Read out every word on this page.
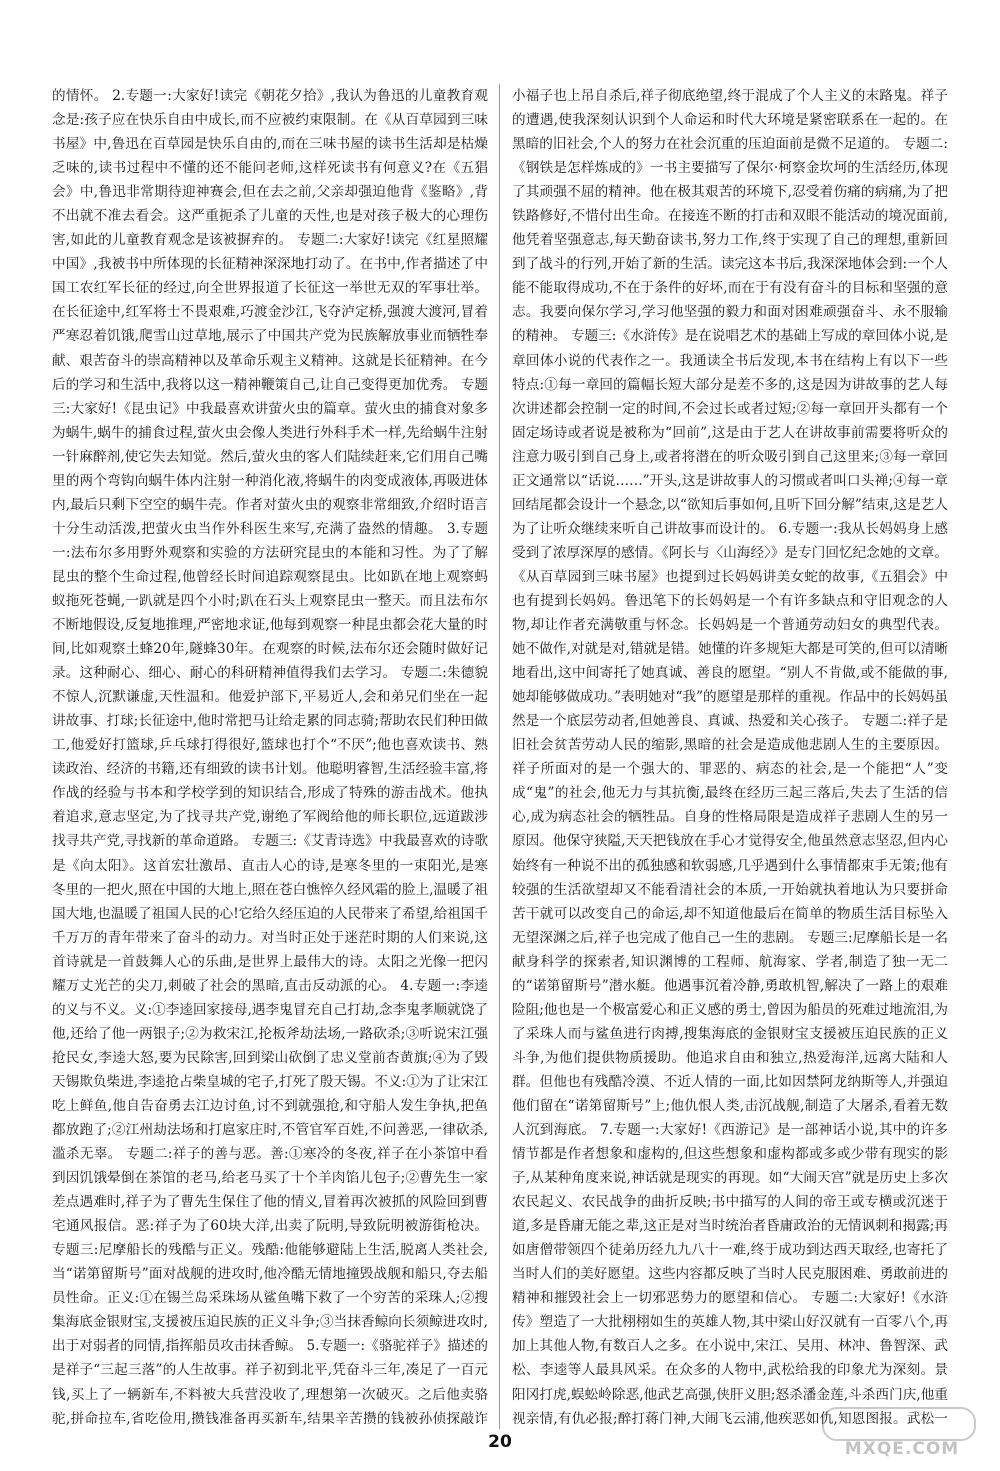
的情怀。 2.专题一:大家好!读完《朝花夕拾》,我认为鲁迅的儿童教育观念是:孩子应在快乐自由中成长,而不应被约束限制。在《从百草园到三味书屋》中,鲁迅在百草园是快乐自由的,而在三味书屋的读书生活却是枯燥乏味的,读书过程中不懂的还不能问老师,这样死读书有何意义?在《五猖会》中,鲁迅非常期待迎神赛会,但在去之前,父亲却强迫他背《鉴略》,背不出就不准去看会。这严重扼杀了儿童的天性,也是对孩子极大的心理伤害,如此的儿童教育观念是该被摒弃的。 专题二:大家好!读完《红星照耀中国》,我被书中所体现的长征精神深深地打动了。在书中,作者描述了中国工农红军长征的经过,向全世界报道了长征这一举世无双的军事壮举。在长征途中,红军将士不畏艰难,巧渡金沙江,飞夺泸定桥,强渡大渡河,冒着严寒忍着饥饿,爬雪山过草地,展示了中国共产党为民族解放事业而牺牲奉献、艰苦奋斗的崇高精神以及革命乐观主义精神。这就是长征精神。在今后的学习和生活中,我将以这一精神鞭策自己,让自己变得更加优秀。 专题三:大家好!《昆虫记》中我最喜欢讲萤火虫的篇章。萤火虫的捕食对象多为蜗牛,蜗牛的捕食过程,萤火虫会像人类进行外科手术一样,先给蜗牛注射一针麻醉剂,使它失去知觉。然后,萤火虫的客人们陆续赶来,它们用自己嘴里的两个弯钩向蜗牛体内注射一种消化液,将蜗牛的肉变成液体,再吸进体内,最后只剩下空空的蜗牛壳。作者对萤火虫的观察非常细致,介绍时语言十分生动活泼,把萤火虫当作外科医生来写,充满了盎然的情趣。 3.专题一:法布尔多用野外观察和实验的方法研究昆虫的本能和习性。为了了解昆虫的整个生命过程,他曾经长时间追踪观察昆虫。比如趴在地上观察蚂蚁拖死苍蝇,一趴就是四个小时;趴在石头上观察昆虫一整天。而且法布尔不断地假设,反复地推理,严密地求证,他每到观察一种昆虫都会花大量的时间,比如观察土蜂20年,隧蜂30年。在观察的时候,法布尔还会随时做好记录。这种耐心、细心、耐心的科研精神值得我们去学习。 专题二:朱德貌不惊人,沉默谦虚,天性温和。他爱护部下,平易近人,会和弟兄们坐在一起讲故事、打球;长征途中,他时常把马让给走累的同志骑;帮助农民们种田做工,他爱好打篮球,乒乓球打得很好,篮球也打个“不厌”;他也喜欢读书、熟读政治、经济的书籍,还有细致的读书计划。他聪明睿智,生活经验丰富,将作战的经验与书本和学校学到的知识结合,形成了特殊的游击战术。他执着追求,意志坚定,为了找寻共产党,谢绝了军阀给他的师长职位,远道跋涉找寻共产党,寻找新的革命道路。 专题三:《艾青诗选》中我最喜欢的诗歌是《向太阳》。这首宏壮激昂、直击人心的诗,是寒冬里的一束阳光,是寒冬里的一把火,照在中国的大地上,照在苍白憔悴久经风霜的脸上,温暖了祖国大地,也温暖了祖国人民的心!它给久经压迫的人民带来了希望,给祖国千千万万的青年带来了奋斗的动力。对当时正处于迷茫时期的人们来说,这首诗就是一首鼓舞人心的乐曲,是世界上最伟大的诗。太阳之光像一把闪耀万丈光芒的尖刀,刺破了社会的黑暗,直击反动派的心。 4.专题一:李逵的义与不义。义:①李逵回家接母,遇李鬼冒充自己打劫,念李鬼孝顺就饶了他,还给了他一两银子;②为救宋江,抡板斧劫法场,一路砍杀;③听说宋江强抢民女,李逵大怒,要为民除害,回到梁山砍倒了忠义堂前杏黄旗;④为了毁天锡欺负柴进,李逵抢占柴皇城的宅子,打死了殷天锡。不义:①为了让宋江吃上鲜鱼,他自告奋勇去江边讨鱼,讨不到就强抢,和守船人发生争执,把鱼都放跑了;②江州劫法场和打扈家庄时,不管官军百姓,不问善恶,一律砍杀,滥杀无辜。 专题二:祥子的善与恶。善:①寒冷的冬夜,祥子在小茶馆中看到因饥饿晕倒在茶馆的老马,给老马买了十个羊肉馅儿包子;②曹先生一家差点遇难时,祥子为了曹先生保住了他的情义,冒着再次被抓的风险回到曹宅通风报信。恶:祥子为了60块大洋,出卖了阮明,导致阮明被游街枪决。 专题三:尼摩船长的残酷与正义。残酷:他能够避陆上生活,脱离人类社会,当“诺第留斯号”面对战舰的进攻时,他冷酷无情地撞毁战舰和船只,夺去船员性命。正义:①在锡兰岛采珠场从鲨鱼嘴下救了一个穷苦的采珠人;②搜集海底金银财宝,支援被压迫民族的正义斗争;③当抹香鲸向长须鲸进攻时,出于对弱者的同情,指挥船员攻击抹香鲸。 5.专题一:《骆驼祥子》描述的是祥子“三起三落”的人生故事。祥子初到北平,凭奋斗三年,凑足了一百元钱,买上了一辆新车,不料被大兵营没收了,理想第一次破灭。之后他卖骆驼,拼命拉车,省吃俭用,攒钱准备再买新车,结果辛苦攒的钱被孙侦探敲诈

小福子也上吊自杀后,祥子彻底绝望,终于混成了个人主义的末路鬼。祥子的遭遇,使我深刻认识到个人命运和时代大环境是紧密联系在一起的。在黑暗的旧社会,个人的努力在社会沉重的压迫面前是微不足道的。 专题二:《钢铁是怎样炼成的》一书主要描写了保尔·柯察金坎坷的生活经历,体现了其顽强不屈的精神。他在极其艰苦的环境下,忍受着伤痛的病痛,为了把铁路修好,不惜付出生命。在接连不断的打击和双眼不能活动的境况面前,他凭着坚强意志,每天勤奋读书,努力工作,终于实现了自己的理想,重新回到了战斗的行列,开始了新的生活。读完这本书后,我深深地体会到:一个人能不能取得成功,不在于条件的好坏,而在于有没有奋斗的目标和坚强的意志。我要向保尔学习,学习他坚强的毅力和面对困难顽强奋斗、永不服输的精神。 专题三:《水浒传》是在说唱艺术的基础上写成的章回体小说,是章回体小说的代表作之一。我通读全书后发现,本书在结构上有以下一些特点:①每一章回的篇幅长短大部分是差不多的,这是因为讲故事的艺人每次讲述都会控制一定的时间,不会过长或者过短;②每一章回开头都有一个固定场诗或者说是被称为“回前”,这是由于艺人在讲故事前需要将听众的注意力吸引到自己身上,或者将潜在的听众吸引到自己这里来;③每一章回正文通常以“话说……”开头,这是讲故事人的习惯或者叫口头禅;④每一章回结尾都会设计一个悬念,以“欲知后事如何,且听下回分解”结束,这是艺人为了让听众继续来听自己讲故事而设计的。 6.专题一:我从长妈妈身上感受到了浓厚深厚的感情。《阿长与〈山海经〉》是专门回忆纪念她的文章。《从百草园到三味书屋》也提到过长妈妈讲美女蛇的故事,《五猖会》中也有提到长妈妈。鲁迅笔下的长妈妈是一个有许多缺点和守旧观念的人物,却让作者充满敬重与怀念。长妈妈是一个普通劳动妇女的典型代表。她不做作,对就是对,错就是错。她懂的许多规矩大都是可笑的,但可以清晰地看出,这中间寄托了她真诚、善良的愿望。“别人不肯做,或不能做的事,她却能够做成功。”表明她对“我”的愿望是那样的重视。作品中的长妈妈虽然是一个底层劳动者,但她善良、真诚、热爱和关心孩子。 专题二:祥子是旧社会贫苦劳动人民的缩影,黑暗的社会是造成他悲剧人生的主要原因。祥子所面对的是一个强大的、罪恶的、病态的社会,是一个能把“人”变成“鬼”的社会,他无力与其抗衡,最终在经历三起三落后,失去了生活的信心,成为病态社会的牺牲品。自身的性格局限是造成祥子悲剧人生的另一原因。他保守狭隘,天天把钱放在手心才觉得安全,他虽然意志坚忍,但内心始终有一种说不出的孤独感和软弱感,几乎遇到什么事情都束手无策;他有较强的生活欲望却又不能看清社会的本质,一开始就执着地认为只要拼命苦干就可以改变自己的命运,却不知道他最后在简单的物质生活目标坠入无望深渊之后,祥子也完成了他自己一生的悲剧。 专题三:尼摩船长是一名献身科学的探索者,知识渊博的工程师、航海家、学者,制造了独一无二的“诺第留斯号”潜水艇。他遇事沉着冷静,勇敢机智,解决了一路上的艰难险阻;他也是一个极富爱心和正义感的勇士,曾因为船员的死难过地流泪,为了采珠人而与鲨鱼进行肉搏,搜集海底的金银财宝支援被压迫民族的正义斗争,为他们提供物质援助。他追求自由和独立,热爱海洋,远离大陆和人群。但他也有残酷冷漠、不近人情的一面,比如因禁阿龙纳斯等人,并强迫他们留在“诺第留斯号”上;他仇恨人类,击沉战舰,制造了大屠杀,看着无数人沉到海底。 7.专题一:大家好!《西游记》是一部神话小说,其中的许多情节都是作者想象和虚构的,但这些想象和虚构都或多或少带有现实的影子,从某种角度来说,神话就是现实的再现。如“大闹天宫”就是历史上多次农民起义、农民战争的曲折反映;书中描写的人间的帝王或专横或沉迷于道,多是昏庸无能之辈,这正是对当时统治者昏庸政治的无情讽刺和揭露;再如唐僧带领四个徒弟历经九九八十一难,终于成功到达西天取经,也寄托了当时人们的美好愿望。这些内容都反映了当时人民克服困难、勇敢前进的精神和摧毁社会上一切邪恶势力的愿望和信心。 专题二:大家好!《水浒传》塑造了一大批栩栩如生的英雄人物,其中梁山好汉就有一百零八个,再加上其他人物,有数百人之多。在小说中,宋江、吴用、林冲、鲁智深、武松、李逵等人最具风采。在众多的人物中,武松给我的印象尤为深刻。景阳冈打虎,蜈蚣岭除恶,他武艺高强,侠肝义胆;怒杀潘金莲,斗杀西门庆,他重视亲情,有仇必报;醉打蒋门神,大闹飞云浦,他疾恶如仇,知恩图报。武松一

20	MXQE.COM
